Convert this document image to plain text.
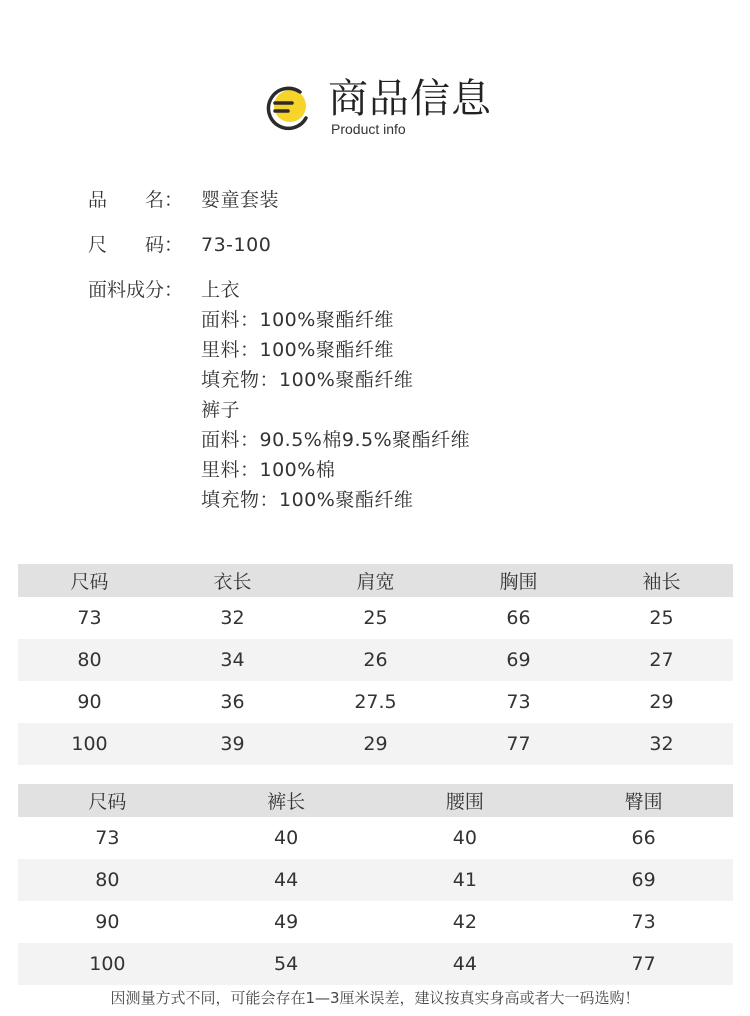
商品信息
Product info
品 名： 婴童套装
尺 码： 73-100
面料成分： 上衣
面料：100%聚酯纤维
里料：100%聚酯纤维
填充物：100%聚酯纤维
裤子
面料：90.5%棉9.5%聚酯纤维
里料：100%棉
填充物：100%聚酯纤维
尺码	衣长	肩宽	胸围	袖长
73	32	25	66	25
80	34	26	69	27
90	36	27.5	73	29
100	39	29	77	32
尺码	裤长	腰围	臀围
73	40	40	66
80	44	41	69
90	49	42	73
100	54	44	77
因测量方式不同，可能会存在1—3厘米误差，建议按真实身高或者大一码选购！
